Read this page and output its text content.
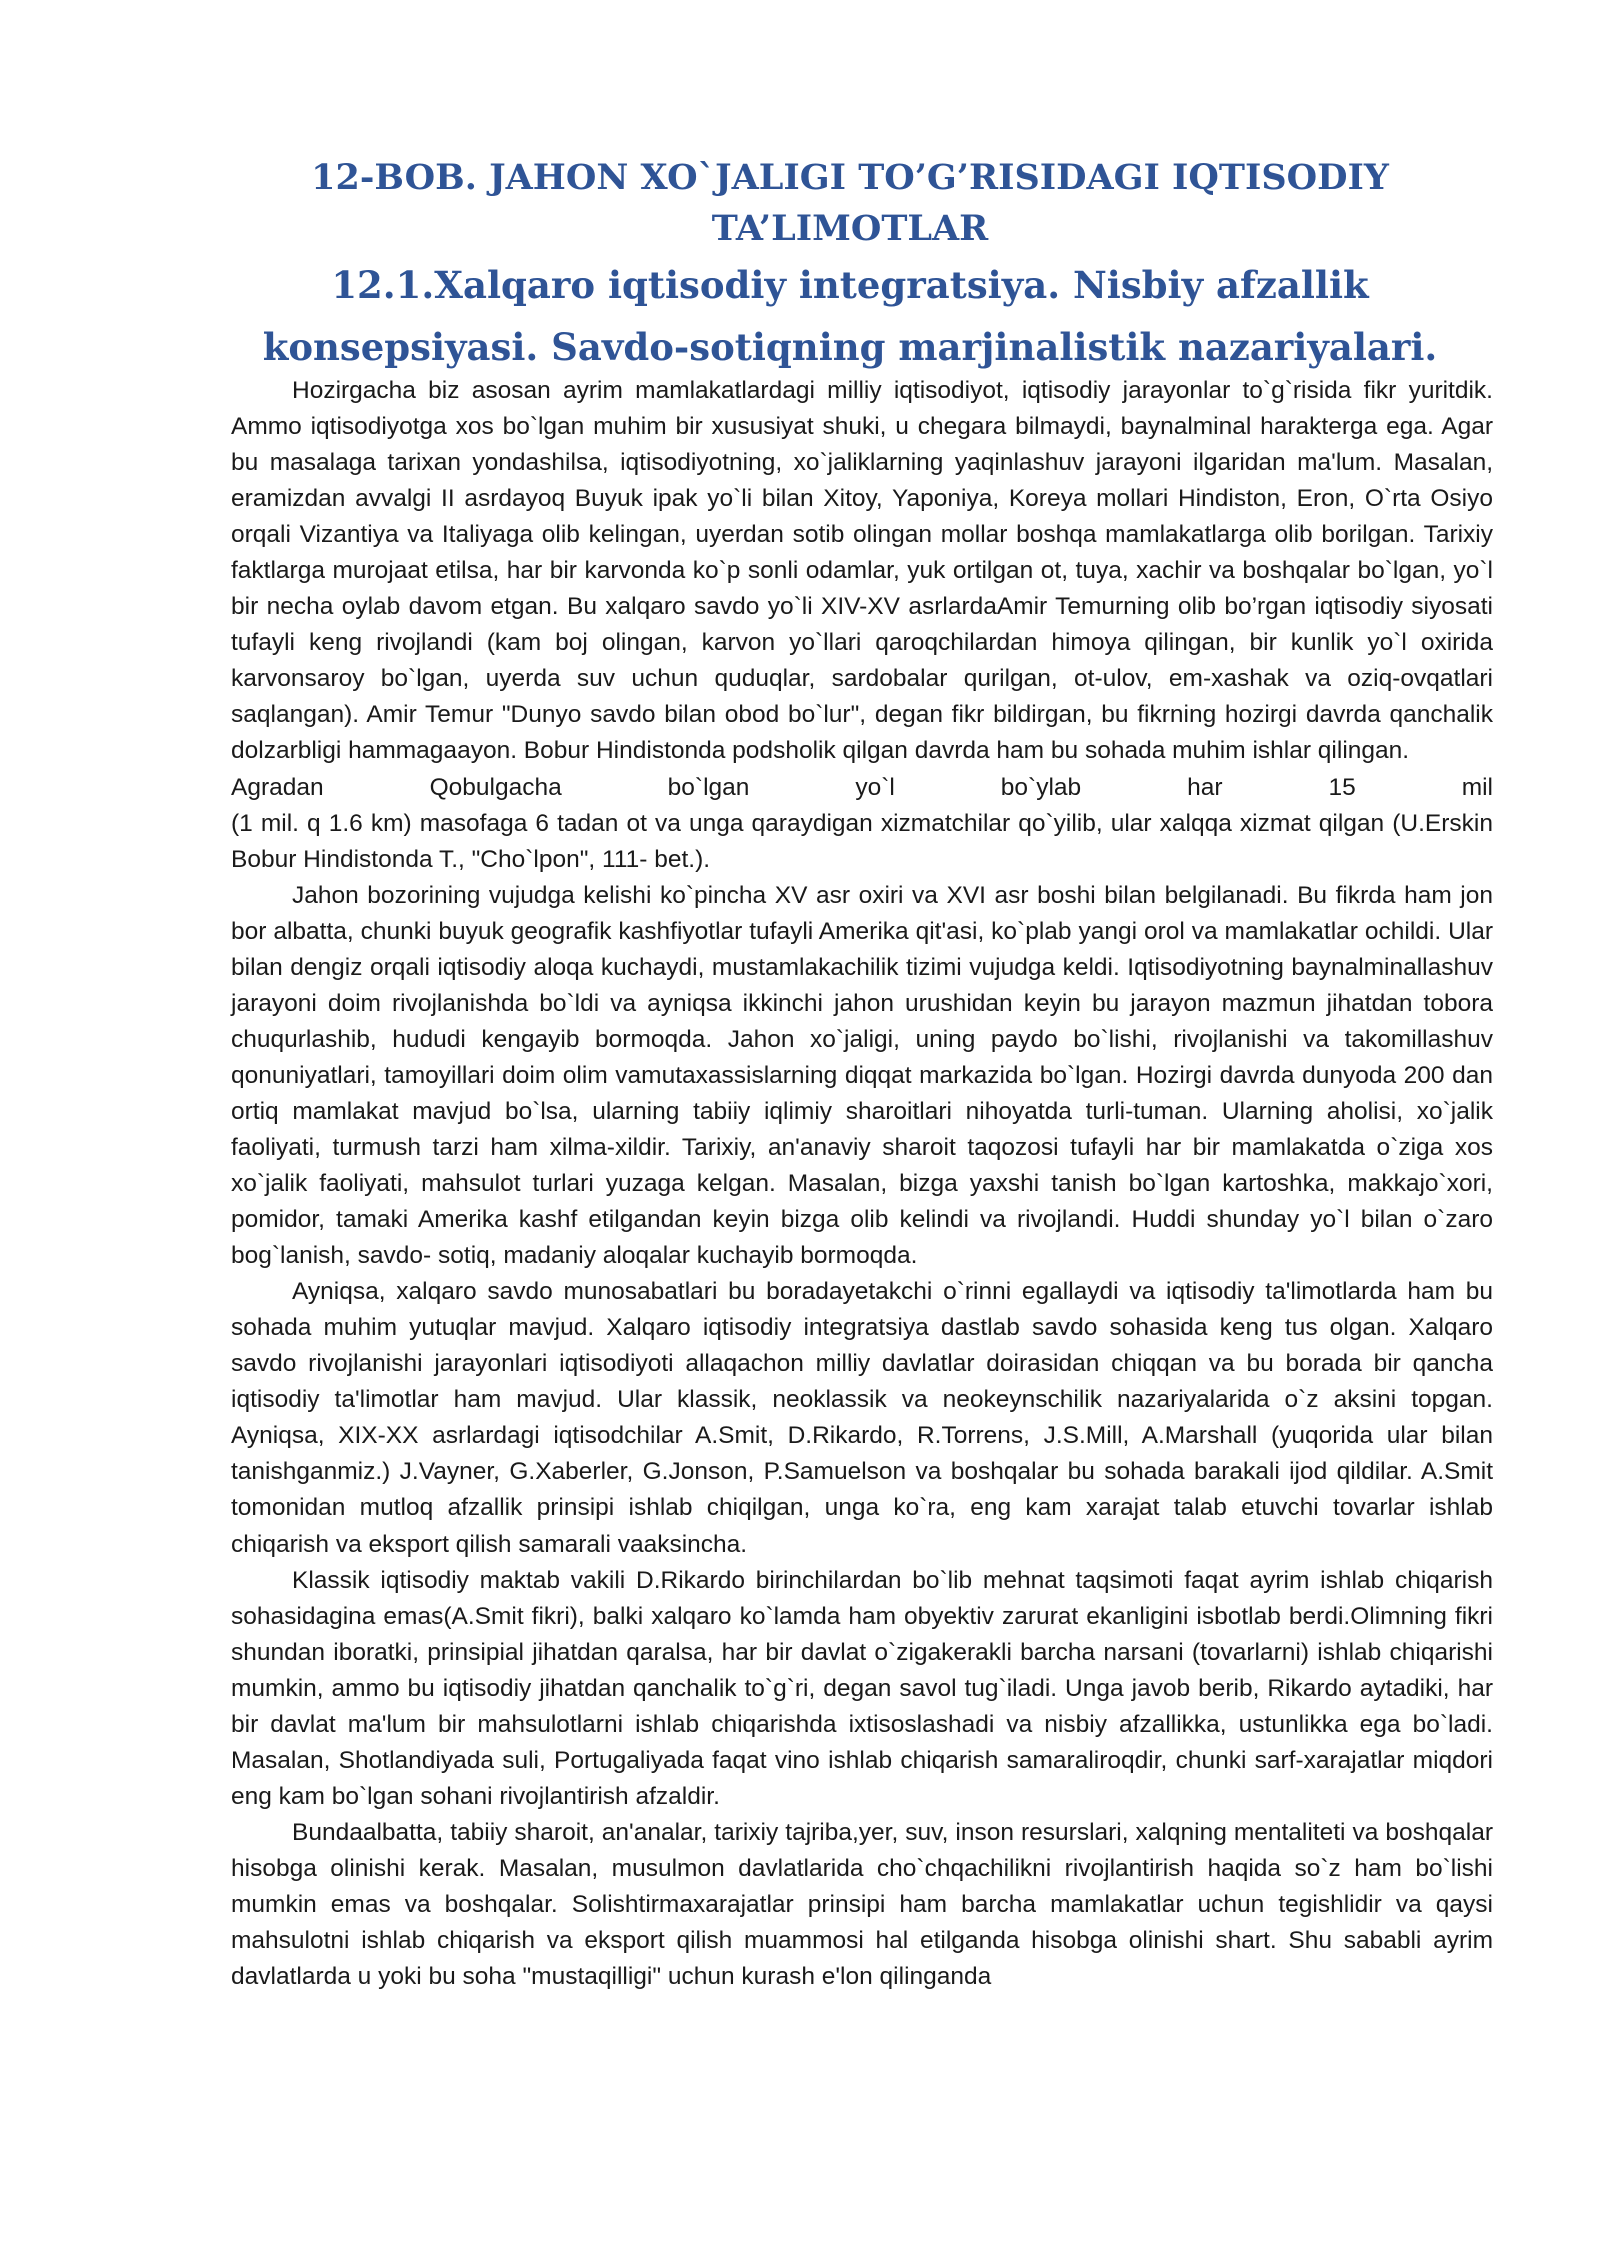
12-BOB. JAHON XO`JALIGI TO’G’RISIDAGI IQTISODIY
TA’LIMOTLAR
12.1.Xalqaro iqtisodiy integratsiya. Nisbiy afzallik
konsepsiyasi. Savdo-sotiqning marjinalistik nazariyalari.

Hozirgacha biz asosan ayrim mamlakatlardagi milliy iqtisodiyot, iqtisodiy jarayonlar to`g`risida fikr yuritdik. Ammo iqtisodiyotga xos bo`lgan muhim bir xususiyat shuki, u chegara bilmaydi, baynalminal harakterga ega. Agar bu masalaga tarixan yondashilsa, iqtisodiyotning, xo`jaliklarning yaqinlashuv jarayoni ilgaridan ma'lum. Masalan, eramizdan avvalgi II asrdayoq Buyuk ipak yo`li bilan Xitoy, Yaponiya, Koreya mollari Hindiston, Eron, O`rta Osiyo orqali Vizantiya va Italiyaga olib kelingan, uyerdan sotib olingan mollar boshqa mamlakatlarga olib borilgan. Tarixiy faktlarga murojaat etilsa, har bir karvonda ko`p sonli odamlar, yuk ortilgan ot, tuya, xachir va boshqalar bo`lgan, yo`l bir necha oylab davom etgan. Bu xalqaro savdo yo`li XIV-XV asrlardaAmir Temurning olib bo’rgan iqtisodiy siyosati tufayli keng rivojlandi (kam boj olingan, karvon yo`llari qaroqchilardan himoya qilingan, bir kunlik yo`l oxirida karvonsaroy bo`lgan, uyerda suv uchun quduqlar, sardobalar qurilgan, ot-ulov, em-xashak va oziq-ovqatlari saqlangan). Amir Temur "Dunyo savdo bilan obod bo`lur", degan fikr bildirgan, bu fikrning hozirgi davrda qanchalik dolzarbligi hammagaayon. Bobur Hindistonda podsholik qilgan davrda ham bu sohada muhim ishlar qilingan.

Agradan Qobulgacha bo`lgan yo`l bo`ylab har 15 mil

(1 mil. q 1.6 km) masofaga 6 tadan ot va unga qaraydigan xizmatchilar qo`yilib, ular xalqqa xizmat qilgan (U.Erskin Bobur Hindistonda T., "Cho`lpon", 111- bet.).

Jahon bozorining vujudga kelishi ko`pincha XV asr oxiri va XVI asr boshi bilan belgilanadi. Bu fikrda ham jon bor albatta, chunki buyuk geografik kashfiyotlar tufayli Amerika qit'asi, ko`plab yangi orol va mamlakatlar ochildi. Ular bilan dengiz orqali iqtisodiy aloqa kuchaydi, mustamlakachilik tizimi vujudga keldi. Iqtisodiyotning baynalminallashuv jarayoni doim rivojlanishda bo`ldi va ayniqsa ikkinchi jahon urushidan keyin bu jarayon mazmun jihatdan tobora chuqurlashib, hududi kengayib bormoqda. Jahon xo`jaligi, uning paydo bo`lishi, rivojlanishi va takomillashuv qonuniyatlari, tamoyillari doim olim vamutaxassislarning diqqat markazida bo`lgan. Hozirgi davrda dunyoda 200 dan ortiq mamlakat mavjud bo`lsa, ularning tabiiy iqlimiy sharoitlari nihoyatda turli-tuman. Ularning aholisi, xo`jalik faoliyati, turmush tarzi ham xilma-xildir. Tarixiy, an'anaviy sharoit taqozosi tufayli har bir mamlakatda o`ziga xos xo`jalik faoliyati, mahsulot turlari yuzaga kelgan. Masalan, bizga yaxshi tanish bo`lgan kartoshka, makkajo`xori, pomidor, tamaki Amerika kashf etilgandan keyin bizga olib kelindi va rivojlandi. Huddi shunday yo`l bilan o`zaro bog`lanish, savdo- sotiq, madaniy aloqalar kuchayib bormoqda.

Ayniqsa, xalqaro savdo munosabatlari bu boradayetakchi o`rinni egallaydi va iqtisodiy ta'limotlarda ham bu sohada muhim yutuqlar mavjud. Xalqaro iqtisodiy integratsiya dastlab savdo sohasida keng tus olgan. Xalqaro savdo rivojlanishi jarayonlari iqtisodiyoti allaqachon milliy davlatlar doirasidan chiqqan va bu borada bir qancha iqtisodiy ta'limotlar ham mavjud. Ular klassik, neoklassik va neokeynschilik nazariyalarida o`z aksini topgan. Ayniqsa, XIX-XX asrlardagi iqtisodchilar A.Smit, D.Rikardo, R.Torrens, J.S.Mill, A.Marshall (yuqorida ular bilan tanishganmiz.) J.Vayner, G.Xaberler, G.Jonson, P.Samuelson va boshqalar bu sohada barakali ijod qildilar. A.Smit tomonidan mutloq afzallik prinsipi ishlab chiqilgan, unga ko`ra, eng kam xarajat talab etuvchi tovarlar ishlab chiqarish va eksport qilish samarali vaaksincha.

Klassik iqtisodiy maktab vakili D.Rikardo birinchilardan bo`lib mehnat taqsimoti faqat ayrim ishlab chiqarish sohasidagina emas(A.Smit fikri), balki xalqaro ko`lamda ham obyektiv zarurat ekanligini isbotlab berdi.Olimning fikri shundan iboratki, prinsipial jihatdan qaralsa, har bir davlat o`zigakerakli barcha narsani (tovarlarni) ishlab chiqarishi mumkin, ammo bu iqtisodiy jihatdan qanchalik to`g`ri, degan savol tug`iladi. Unga javob berib, Rikardo aytadiki, har bir davlat ma'lum bir mahsulotlarni ishlab chiqarishda ixtisoslashadi va nisbiy afzallikka, ustunlikka ega bo`ladi. Masalan, Shotlandiyada suli, Portugaliyada faqat vino ishlab chiqarish samaraliroqdir, chunki sarf-xarajatlar miqdori eng kam bo`lgan sohani rivojlantirish afzaldir.

Bundaalbatta, tabiiy sharoit, an'analar, tarixiy tajriba,yer, suv, inson resurslari, xalqning mentaliteti va boshqalar hisobga olinishi kerak. Masalan, musulmon davlatlarida cho`chqachilikni rivojlantirish haqida so`z ham bo`lishi mumkin emas va boshqalar. Solishtirmaxarajatlar prinsipi ham barcha mamlakatlar uchun tegishlidir va qaysi mahsulotni ishlab chiqarish va eksport qilish muammosi hal etilganda hisobga olinishi shart. Shu sababli ayrim davlatlarda u yoki bu soha "mustaqilligi" uchun kurash e'lon qilinganda
